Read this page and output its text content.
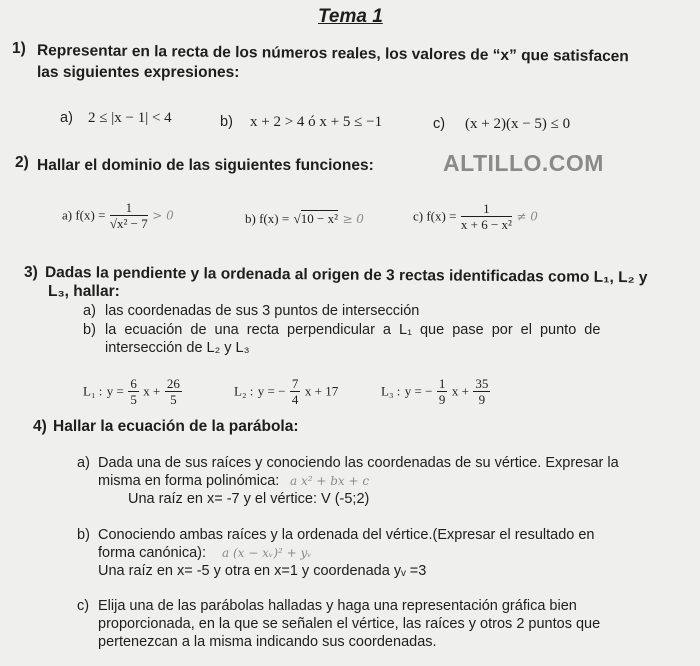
Tema 1
ALTILLO.COM
1) Representar en la recta de los números reales, los valores de “x” que satisfacen
las siguientes expresiones:
a) 2 ≤ |x − 1| < 4	b) x + 2 > 4 ó x + 5 ≤ −1	c) (x + 2)(x − 5) ≤ 0
2) Hallar el dominio de las siguientes funciones:
a) $f(x) = \frac{1}{\text{√x² − 7}} > 0$	b) f(x) = √10 − x² ≥ 0	c) $f(x) = \frac{1}{\text{x + 6 − x²}} \ne 0$
3) Dadas la pendiente y la ordenada al origen de 3 rectas identificadas como L₁, L₂ y
L₃, hallar:
a) las coordenadas de sus 3 puntos de intersección
b) la ecuación de una recta perpendicular a L₁ que pase por el punto de
intersección de L₂ y L₃
L₁ : $y = \frac{6}{5}$ $x + \frac{26}{5}$	L₂ : y = − $\frac{7}{4}$ x + 17	L₃ : y = − $\frac{1}{9}$ $x + \frac{35}{9}$
4) Hallar la ecuación de la parábola:
a) Dada una de sus raíces y conociendo las coordenadas de su vértice. Expresar la
misma en forma polinómica: a x² + bx + c
Una raíz en x= -7 y el vértice: V (-5;2)
b) Conociendo ambas raíces y la ordenada del vértice.(Expresar el resultado en
forma canónica): a (x − xᵥ)² + yᵥ
Una raíz en x= -5 y otra en x=1 y coordenada yᵥ =3
c) Elija una de las parábolas halladas y haga una representación gráfica bien
proporcionada, en la que se señalen el vértice, las raíces y otros 2 puntos que
pertenezcan a la misma indicando sus coordenadas.
